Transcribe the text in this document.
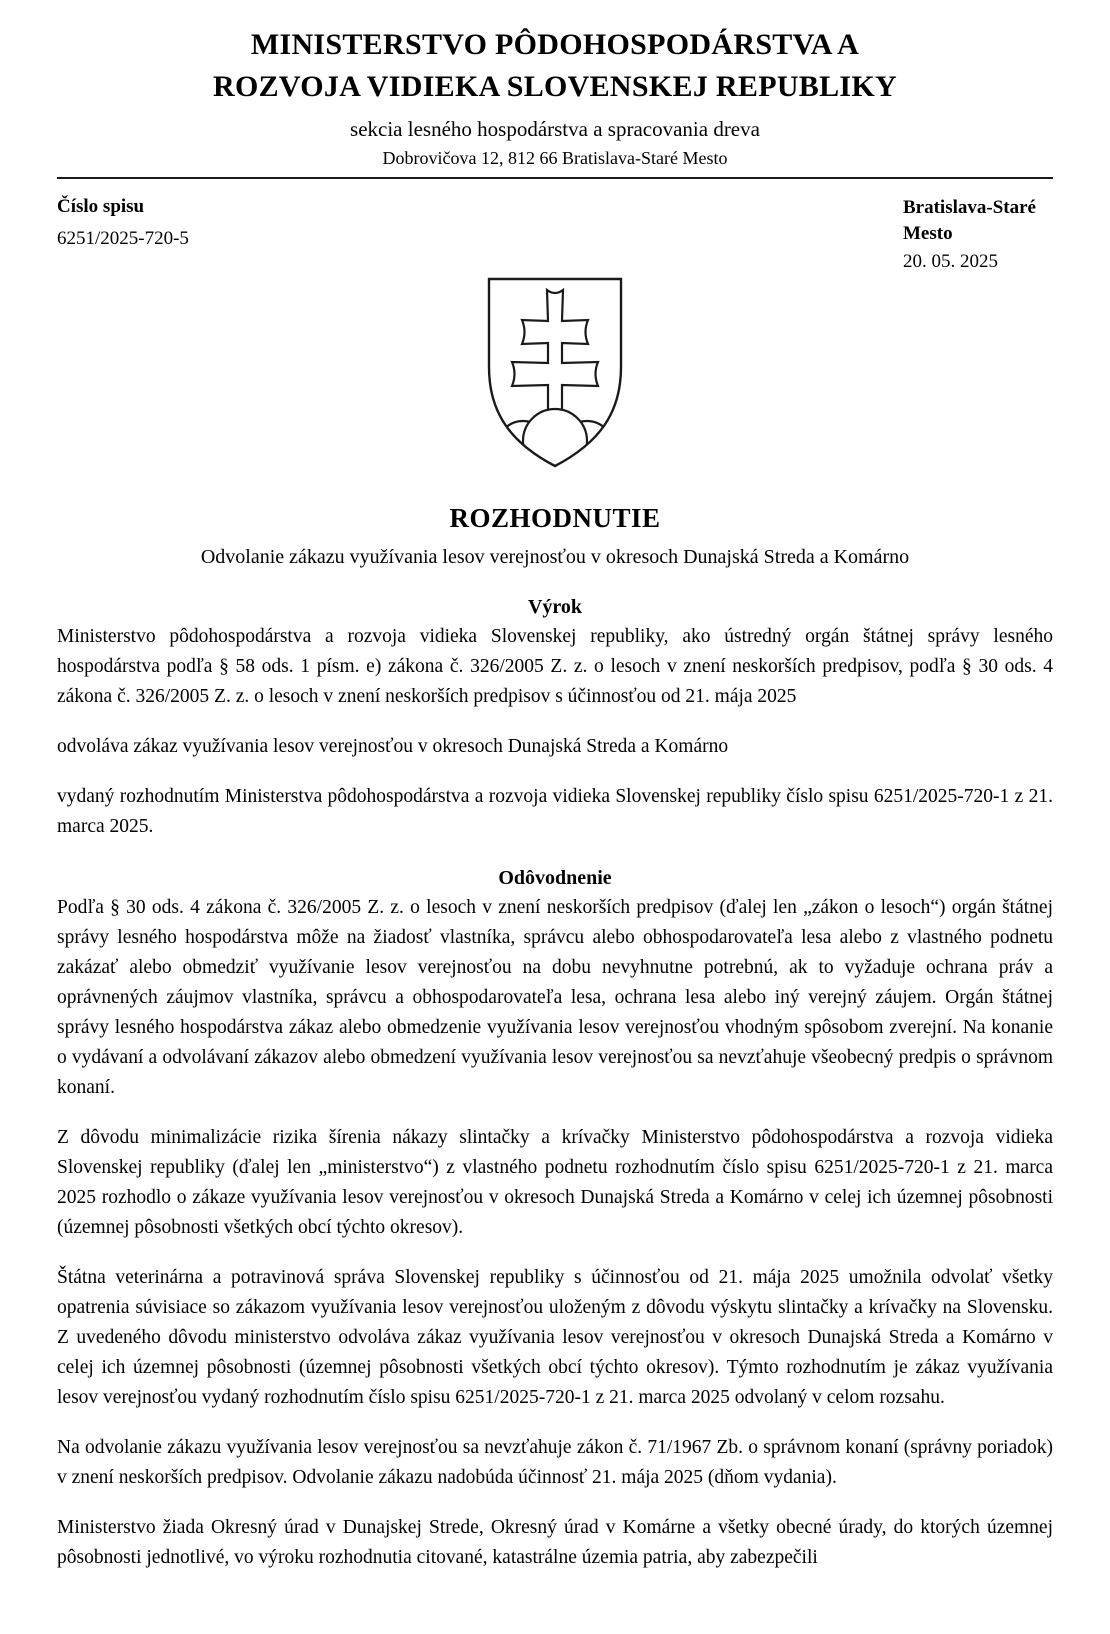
MINISTERSTVO PÔDOHOSPODÁRSTVA A
ROZVOJA VIDIEKA SLOVENSKEJ REPUBLIKY
sekcia lesného hospodárstva a spracovania dreva
Dobrovičova 12, 812 66 Bratislava-Staré Mesto
Číslo spisu
6251/2025-720-5
Bratislava-Staré Mesto
20. 05. 2025
ROZHODNUTIE
Odvolanie zákazu využívania lesov verejnosťou v okresoch Dunajská Streda a Komárno
Výrok

Ministerstvo pôdohospodárstva a rozvoja vidieka Slovenskej republiky, ako ústredný orgán štátnej správy lesného hospodárstva podľa § 58 ods. 1 písm. e) zákona č. 326/2005 Z. z. o lesoch v znení neskorších predpisov, podľa § 30 ods. 4 zákona č. 326/2005 Z. z. o lesoch v znení neskorších predpisov s účinnosťou od 21. mája 2025

odvoláva zákaz využívania lesov verejnosťou v okresoch Dunajská Streda a Komárno

vydaný rozhodnutím Ministerstva pôdohospodárstva a rozvoja vidieka Slovenskej republiky číslo spisu 6251/2025-720-1 z 21. marca 2025.

Odôvodnenie

Podľa § 30 ods. 4 zákona č. 326/2005 Z. z. o lesoch v znení neskorších predpisov (ďalej len „zákon o lesoch“) orgán štátnej správy lesného hospodárstva môže na žiadosť vlastníka, správcu alebo obhospodarovateľa lesa alebo z vlastného podnetu zakázať alebo obmedziť využívanie lesov verejnosťou na dobu nevyhnutne potrebnú, ak to vyžaduje ochrana práv a oprávnených záujmov vlastníka, správcu a obhospodarovateľa lesa, ochrana lesa alebo iný verejný záujem. Orgán štátnej správy lesného hospodárstva zákaz alebo obmedzenie využívania lesov verejnosťou vhodným spôsobom zverejní. Na konanie o vydávaní a odvolávaní zákazov alebo obmedzení využívania lesov verejnosťou sa nevzťahuje všeobecný predpis o správnom konaní.

Z dôvodu minimalizácie rizika šírenia nákazy slintačky a krívačky Ministerstvo pôdohospodárstva a rozvoja vidieka Slovenskej republiky (ďalej len „ministerstvo“) z vlastného podnetu rozhodnutím číslo spisu 6251/2025-720-1 z 21. marca 2025 rozhodlo o zákaze využívania lesov verejnosťou v okresoch Dunajská Streda a Komárno v celej ich územnej pôsobnosti (územnej pôsobnosti všetkých obcí týchto okresov).

Štátna veterinárna a potravinová správa Slovenskej republiky s účinnosťou od 21. mája 2025 umožnila odvolať všetky opatrenia súvisiace so zákazom využívania lesov verejnosťou uloženým z dôvodu výskytu slintačky a krívačky na Slovensku. Z uvedeného dôvodu ministerstvo odvoláva zákaz využívania lesov verejnosťou v okresoch Dunajská Streda a Komárno v celej ich územnej pôsobnosti (územnej pôsobnosti všetkých obcí týchto okresov). Týmto rozhodnutím je zákaz využívania lesov verejnosťou vydaný rozhodnutím číslo spisu 6251/2025-720-1 z 21. marca 2025 odvolaný v celom rozsahu.

Na odvolanie zákazu využívania lesov verejnosťou sa nevzťahuje zákon č. 71/1967 Zb. o správnom konaní (správny poriadok) v znení neskorších predpisov. Odvolanie zákazu nadobúda účinnosť 21. mája 2025 (dňom vydania).

Ministerstvo žiada Okresný úrad v Dunajskej Strede, Okresný úrad v Komárne a všetky obecné úrady, do ktorých územnej pôsobnosti jednotlivé, vo výroku rozhodnutia citované, katastrálne územia patria, aby zabezpečili
